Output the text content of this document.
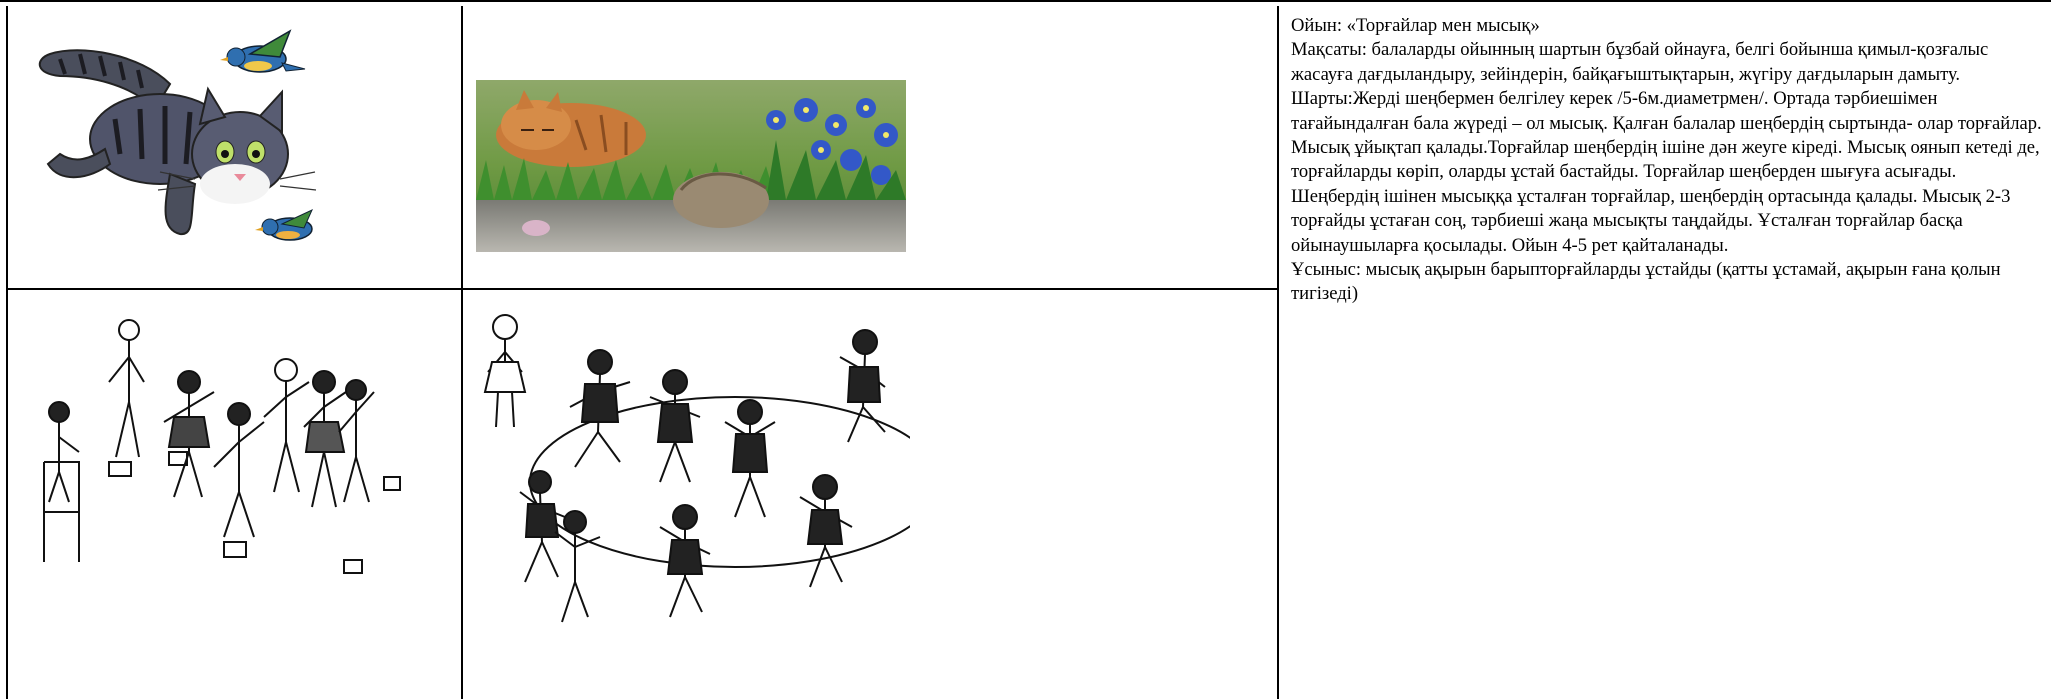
Ойын: «Торғайлар мен мысық»

Мақсаты: балаларды ойынның шартын бұзбай ойнауға, белгі бойынша қимыл-қозғалыс жасауға дағдыландыру, зейіндерін, байқағыштықтарын, жүгіру дағдыларын дамыту.

Шарты:Жерді шеңбермен белгілеу керек /5-6м.диаметрмен/. Ортада тәрбиешімен тағайындалған бала жүреді – ол мысық. Қалған балалар шеңбердің сыртында- олар торғайлар. Мысық ұйықтап қалады.Торғайлар шеңбердің ішіне дән жеуге кіреді. Мысық оянып кетеді де, торғайларды көріп, оларды ұстай бастайды. Торғайлар шеңберден шығуға асығады. Шеңбердің ішінен мысыққа ұсталған торғайлар, шеңбердің ортасында қалады. Мысық 2-3 торғайды ұстаған соң, тәрбиеші жаңа мысықты таңдайды. Ұсталған торғайлар басқа ойынаушыларға қосылады. Ойын 4-5 рет қайталанады.

Ұсыныс: мысық ақырын барыпторғайларды ұстайды (қатты ұстамай, ақырын ғана қолын тигізеді)
